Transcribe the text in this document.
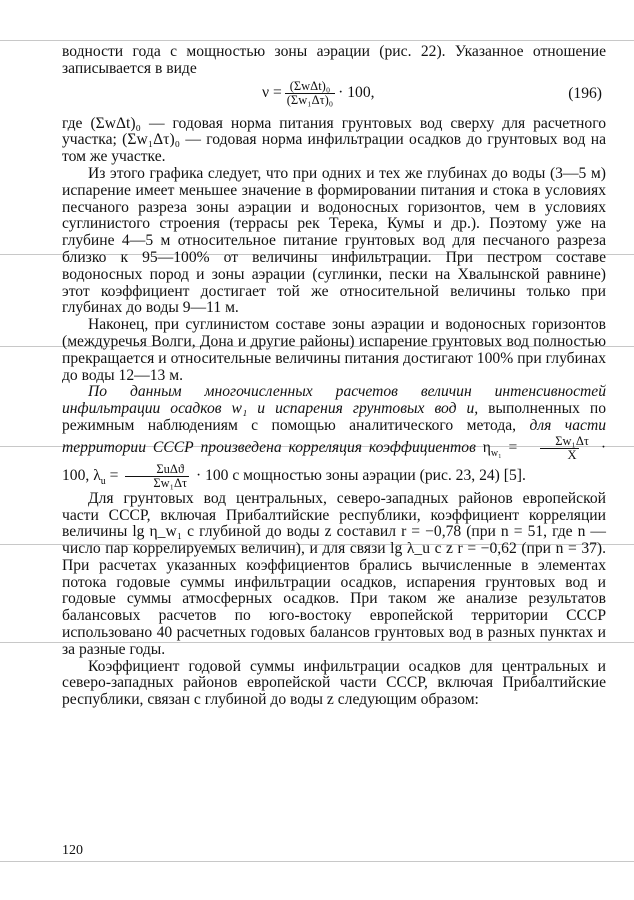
водности года с мощностью зоны аэрации (рис. 22). Указанное отношение записывается в виде

$\nu = \frac{\text{(ΣwΔt)₀}}{\text{(Σw₁Δτ)₀}} \cdot 100$,	(196)

где (ΣwΔt)₀ — годовая норма питания грунтовых вод сверху для расчетного участка; (Σw₁Δτ)₀ — годовая норма инфильтрации осадков до грунтовых вод на том же участке.

Из этого графика следует, что при одних и тех же глубинах до воды (3—5 м) испарение имеет меньшее значение в формировании питания и стока в условиях песчаного разреза зоны аэрации и водоносных горизонтов, чем в условиях суглинистого строения (террасы рек Терека, Кумы и др.). Поэтому уже на глубине 4—5 м относительное питание грунтовых вод для песчаного разреза близко к 95—100% от величины инфильтрации. При пестром составе водоносных пород и зоны аэрации (суглинки, пески на Хвалынской равнине) этот коэффициент достигает той же относительной величины только при глубинах до воды 9—11 м.

Наконец, при суглинистом составе зоны аэрации и водоносных горизонтов (междуречья Волги, Дона и другие районы) испарение грунтовых вод полностью прекращается и относительные величины питания достигают 100% при глубинах до воды 12—13 м.

По данным многочисленных расчетов величин интенсивностей инфильтрации осадков w₁ и испарения грунтовых вод u, выполненных по режимным наблюдениям с помощью аналитического метода, для части территории СССР произведена корреляция коэффициентов $\eta_{w_1} = \frac{\text{Σw₁Δτ}}{X} \cdot 100$, $\lambda_u = \frac{\text{ΣuΔϑ}}{\text{Σw₁Δτ}} \cdot 100$ с мощностью зоны аэрации (рис. 23, 24) [5].

Для грунтовых вод центральных, северо-западных районов европейской части СССР, включая Прибалтийские республики, коэффициент корреляции величины lg η_w₁ с глубиной до воды z составил r = −0,78 (при n = 51, где n — число пар коррелируемых величин), и для связи lg λ_u с z r = −0,62 (при n = 37). При расчетах указанных коэффициентов брались вычисленные в элементах потока годовые суммы инфильтрации осадков, испарения грунтовых вод и годовые суммы атмосферных осадков. При таком же анализе результатов балансовых расчетов по юго-востоку европейской территории СССР использовано 40 расчетных годовых балансов грунтовых вод в разных пунктах и за разные годы.

Коэффициент годовой суммы инфильтрации осадков для центральных и северо-западных районов европейской части СССР, включая Прибалтийские республики, связан с глубиной до воды z следующим образом:

120
